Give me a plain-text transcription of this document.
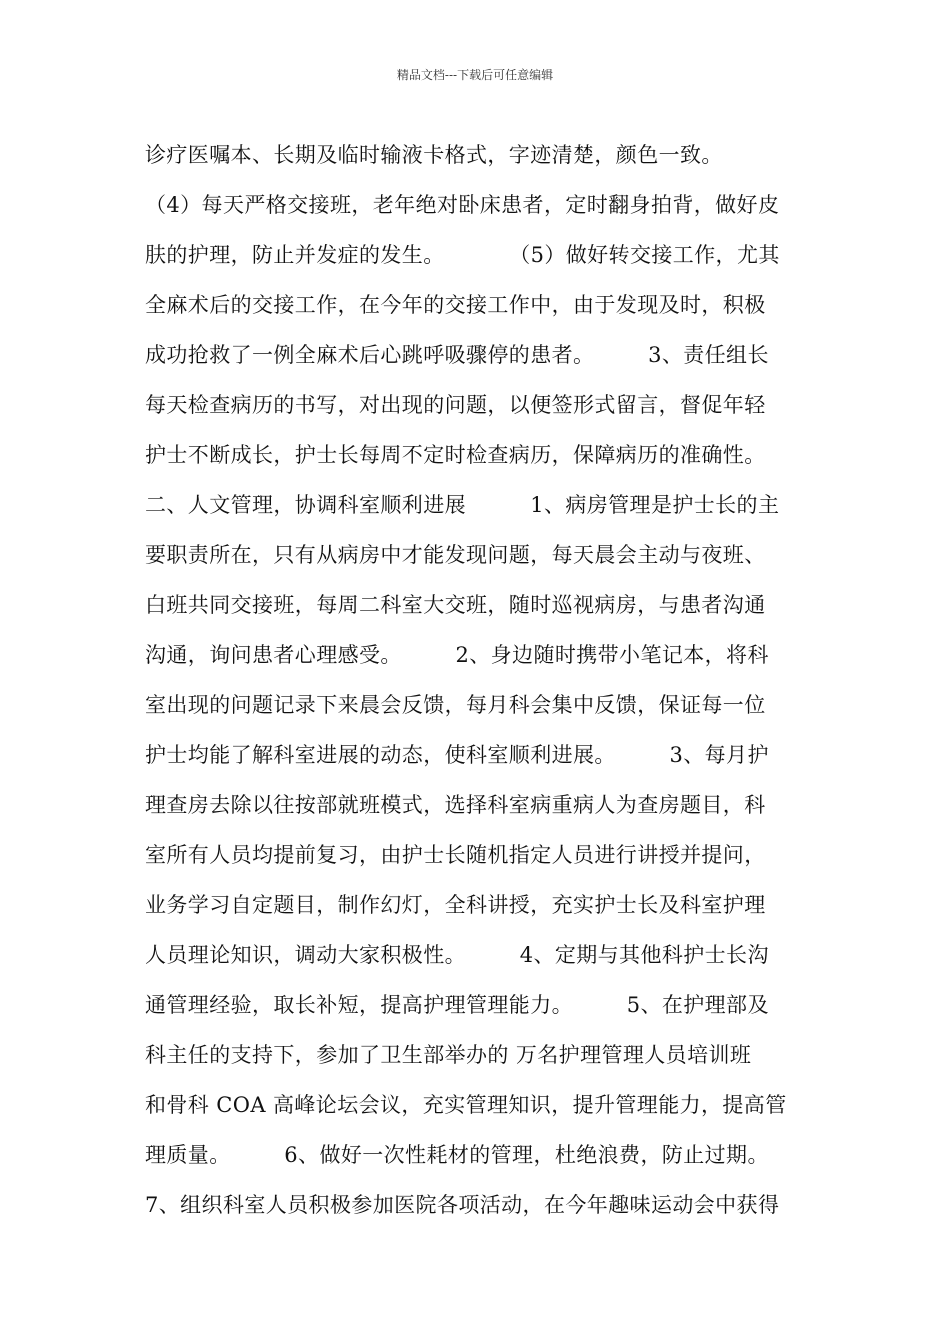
精品文档---下载后可任意编辑
诊疗医嘱本、长期及临时输液卡格式，字迹清楚，颜色一致。
（4）每天严格交接班，老年绝对卧床患者，定时翻身拍背，做好皮
肤的护理，防止并发症的发生。　　　　（5）做好转交接工作，尤其
全麻术后的交接工作，在今年的交接工作中，由于发现及时，积极
成功抢救了一例全麻术后心跳呼吸骤停的患者。　　　3、责任组长
每天检查病历的书写，对出现的问题，以便签形式留言，督促年轻
护士不断成长，护士长每周不定时检查病历，保障病历的准确性。
二、人文管理，协调科室顺利进展　　　1、病房管理是护士长的主
要职责所在，只有从病房中才能发现问题，每天晨会主动与夜班、
白班共同交接班，每周二科室大交班，随时巡视病房，与患者沟通
沟通，询问患者心理感受。　　　2、身边随时携带小笔记本，将科
室出现的问题记录下来晨会反馈，每月科会集中反馈，保证每一位
护士均能了解科室进展的动态，使科室顺利进展。　　　3、每月护
理查房去除以往按部就班模式，选择科室病重病人为查房题目，科
室所有人员均提前复习，由护士长随机指定人员进行讲授并提问，
业务学习自定题目，制作幻灯，全科讲授，充实护士长及科室护理
人员理论知识，调动大家积极性。　　　4、定期与其他科护士长沟
通管理经验，取长补短，提高护理管理能力。　　　5、在护理部及
科主任的支持下，参加了卫生部举办的 万名护理管理人员培训班
和骨科 COA 高峰论坛会议，充实管理知识，提升管理能力，提高管
理质量。　　　6、做好一次性耗材的管理，杜绝浪费，防止过期。
7、组织科室人员积极参加医院各项活动，在今年趣味运动会中获得
